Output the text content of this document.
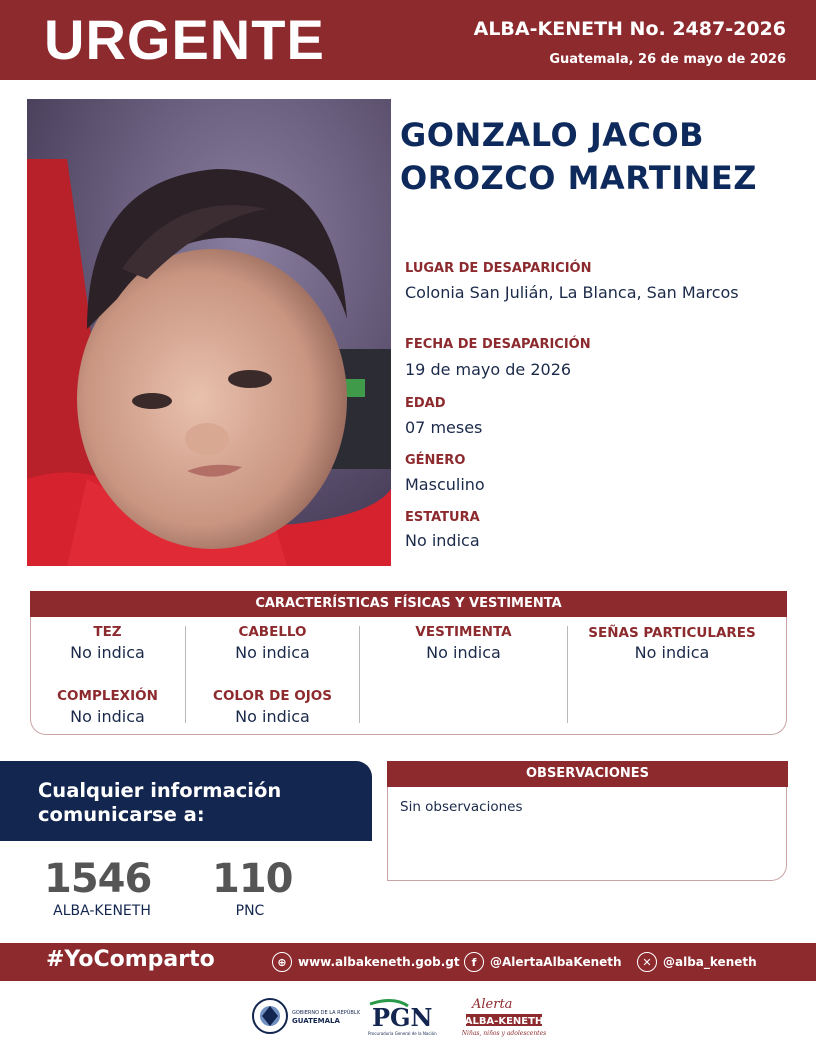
URGENTE	ALBA-KENETH No. 2487-2026
Guatemala, 26 de mayo de 2026
GONZALO JACOB
OROZCO MARTINEZ
LUGAR DE DESAPARICIÓN
Colonia San Julián, La Blanca, San Marcos
FECHA DE DESAPARICIÓN
19 de mayo de 2026
EDAD
07 meses
GÉNERO
Masculino
ESTATURA
No indica
CARACTERÍSTICAS FÍSICAS Y VESTIMENTA
TEZ
No indica
CABELLO
No indica
VESTIMENTA
No indica
SEÑAS PARTICULARES
No indica
COMPLEXIÓN
No indica
COLOR DE OJOS
No indica
Cualquier información
comunicarse a:
1546
ALBA-KENETH
110
PNC
OBSERVACIONES
Sin observaciones
#YoComparto	⊕ www.albakeneth.gob.gt	f	@AlertaAlbaKeneth	✕ @alba_keneth
GOBIERNO DE LA REPÚBLICA
GUATEMALA PGN
Procuraduría General de la Nación
Alerta
ALBA-KENETH
Niñas, niños y adolescentes
